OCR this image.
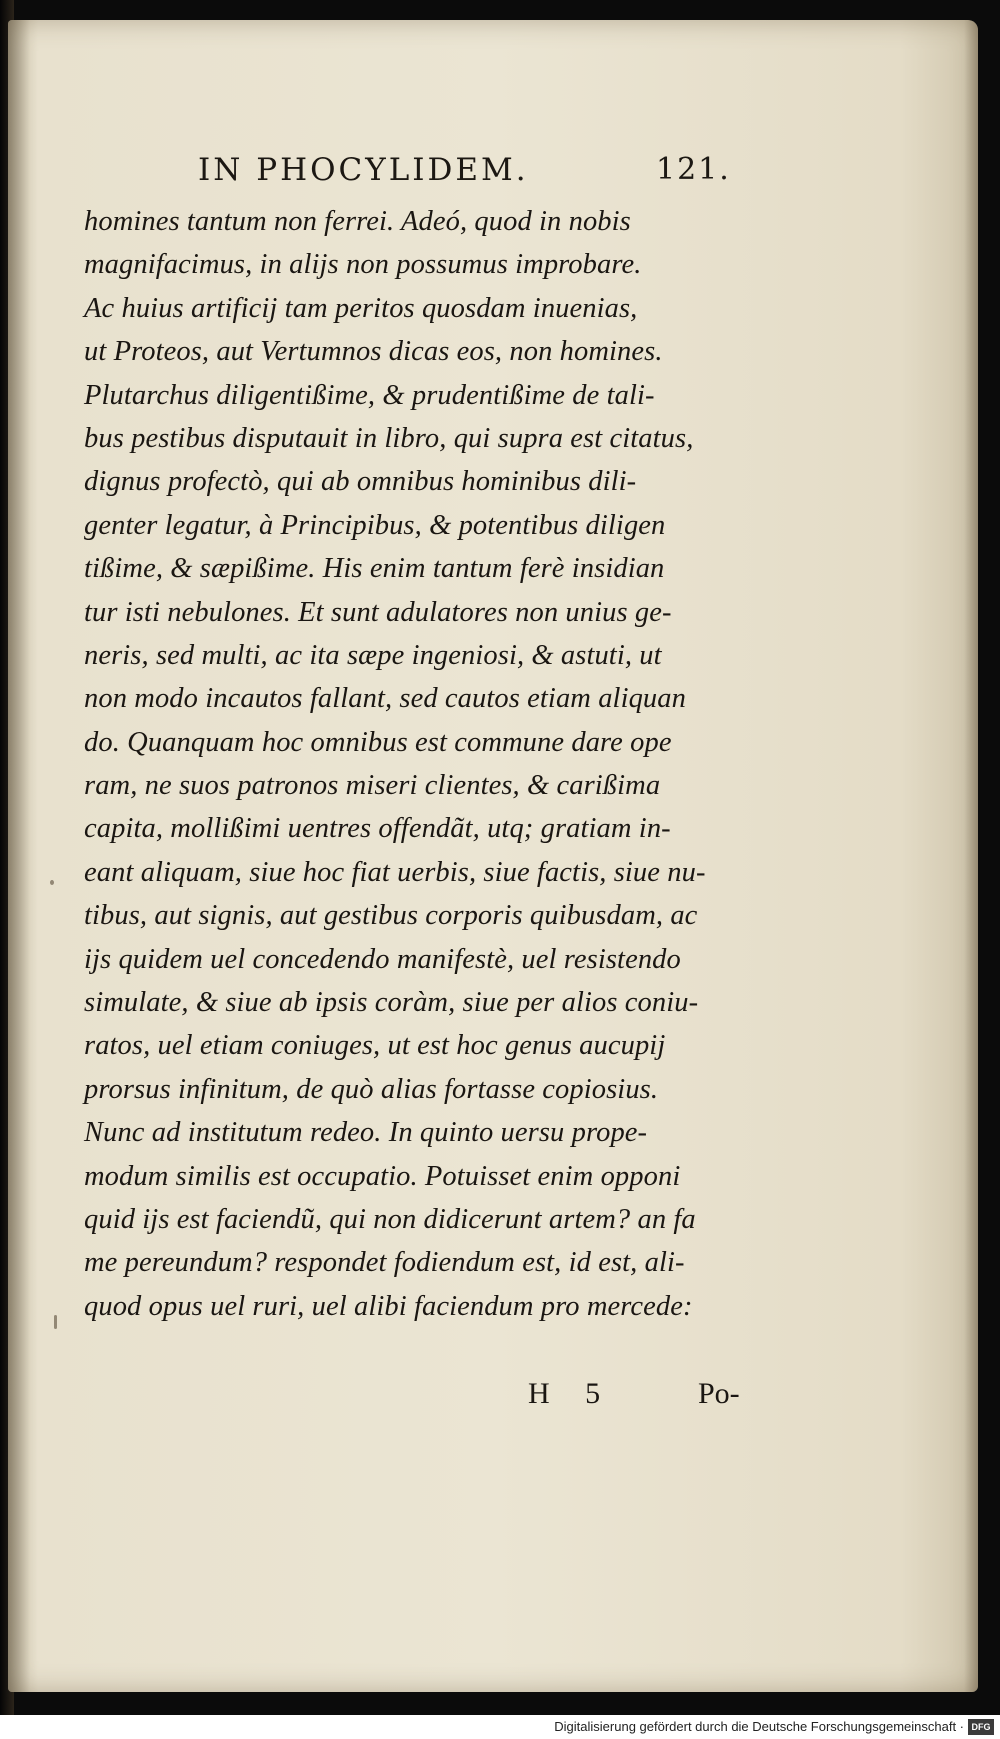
IN PHOCYLIDEM.	121.
homines tantum non ferrei. Adeó, quod in nobis
magnifacimus, in alijs non possumus improbare.
Ac huius artificij tam peritos quosdam inuenias,
ut Proteos, aut Vertumnos dicas eos, non homines.
Plutarchus diligentißime, & prudentißime de tali-
bus pestibus disputauit in libro, qui supra est citatus,
dignus profectò, qui ab omnibus hominibus dili-
genter legatur, à Principibus, & potentibus diligen
tißime, & sæpißime. His enim tantum ferè insidian
tur isti nebulones. Et sunt adulatores non unius ge-
neris, sed multi, ac ita sæpe ingeniosi, & astuti, ut
non modo incautos fallant, sed cautos etiam aliquan
do. Quanquam hoc omnibus est commune dare ope
ram, ne suos patronos miseri clientes, & carißima
capita, mollißimi uentres offendãt, utq; gratiam in-
eant aliquam, siue hoc fiat uerbis, siue factis, siue nu-
tibus, aut signis, aut gestibus corporis quibusdam, ac
ijs quidem uel concedendo manifestè, uel resistendo
simulate, & siue ab ipsis coràm, siue per alios coniu-
ratos, uel etiam coniuges, ut est hoc genus aucupij
prorsus infinitum, de quò alias fortasse copiosius.
Nunc ad institutum redeo. In quinto uersu prope-
modum similis est occupatio. Potuisset enim opponi
quid ijs est faciendũ, qui non didicerunt artem? an fa
me pereundum? respondet fodiendum est, id est, ali-
quod opus uel ruri, uel alibi faciendum pro mercede:
H 5	Po-
Digitalisierung gefördert durch die Deutsche Forschungsgemeinschaft · DFG
